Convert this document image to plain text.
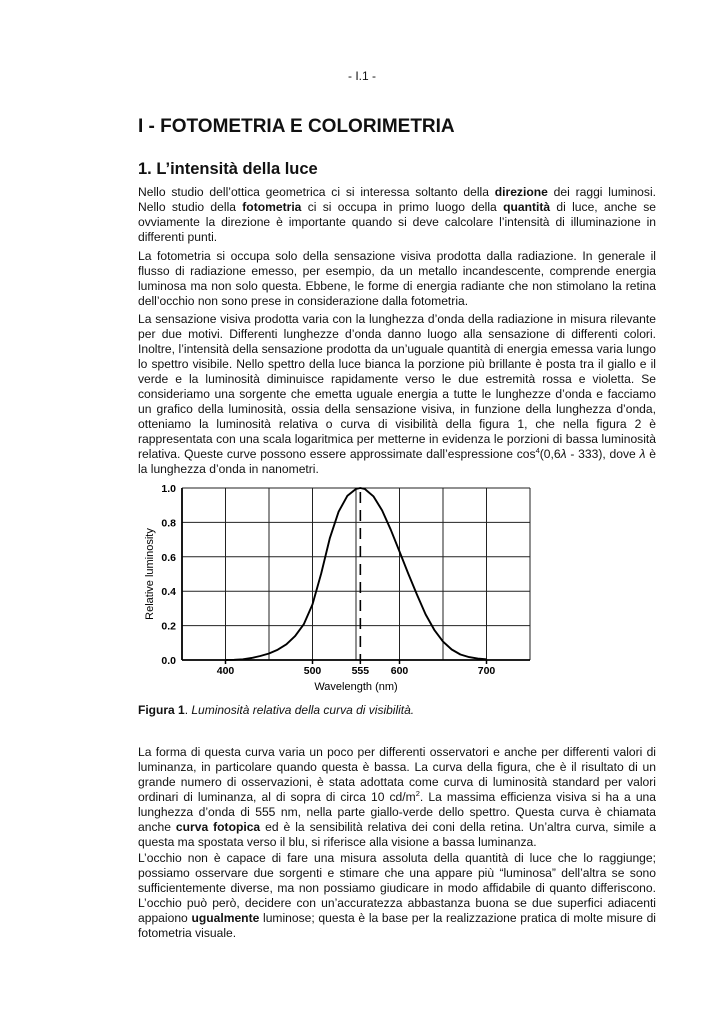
- I.1 -
I - FOTOMETRIA E COLORIMETRIA
1. L’intensità della luce

Nello studio dell’ottica geometrica ci si interessa soltanto della direzione dei raggi luminosi. Nello studio della fotometria ci si occupa in primo luogo della quantità di luce, anche se ovviamente la direzione è importante quando si deve calcolare l’intensità di illuminazione in differenti punti.

La fotometria si occupa solo della sensazione visiva prodotta dalla radiazione. In generale il flusso di radiazione emesso, per esempio, da un metallo incandescente, comprende energia luminosa ma non solo questa. Ebbene, le forme di energia radiante che non stimolano la retina dell’occhio non sono prese in considerazione dalla fotometria.

La sensazione visiva prodotta varia con la lunghezza d’onda della radiazione in misura rilevante per due motivi. Differenti lunghezze d’onda danno luogo alla sensazione di differenti colori. Inoltre, l’intensità della sensazione prodotta da un’uguale quantità di energia emessa varia lungo lo spettro visibile. Nello spettro della luce bianca la porzione più brillante è posta tra il giallo e il verde e la luminosità diminuisce rapidamente verso le due estremità rossa e violetta. Se consideriamo una sorgente che emetta uguale energia a tutte le lunghezze d’onda e facciamo un grafico della luminosità, ossia della sensazione visiva, in funzione della lunghezza d’onda, otteniamo la luminosità relativa o curva di visibilità della figura 1, che nella figura 2 è rappresentata con una scala logaritmica per metterne in evidenza le porzioni di bassa luminosità relativa. Queste curve possono essere approssimate dall’espressione $\cos^4(0,6\lambda - 333)$, dove λ è la lunghezza d’onda in nanometri.

0.0
0.2
0.4
0.6
0.8
1.0
400	500	555 600	700
Wavelength (nm)
Relative luminosity
Figura 1. Luminosità relativa della curva di visibilità.

La forma di questa curva varia un poco per differenti osservatori e anche per differenti valori di luminanza, in particolare quando questa è bassa. La curva della figura, che è il risultato di un grande numero di osservazioni, è stata adottata come curva di luminosità standard per valori ordinari di luminanza, al di sopra di circa 10 $cd/m^2$. La massima efficienza visiva si ha a una lunghezza d’onda di 555 nm, nella parte giallo-verde dello spettro. Questa curva è chiamata anche curva fotopica ed è la sensibilità relativa dei coni della retina. Un’altra curva, simile a questa ma spostata verso il blu, si riferisce alla visione a bassa luminanza.

L’occhio non è capace di fare una misura assoluta della quantità di luce che lo raggiunge; possiamo osservare due sorgenti e stimare che una appare più “luminosa” dell’altra se sono sufficientemente diverse, ma non possiamo giudicare in modo affidabile di quanto differiscono. L’occhio può però, decidere con un’accuratezza abbastanza buona se due superfici adiacenti appaiono ugualmente luminose; questa è la base per la realizzazione pratica di molte misure di fotometria visuale.
